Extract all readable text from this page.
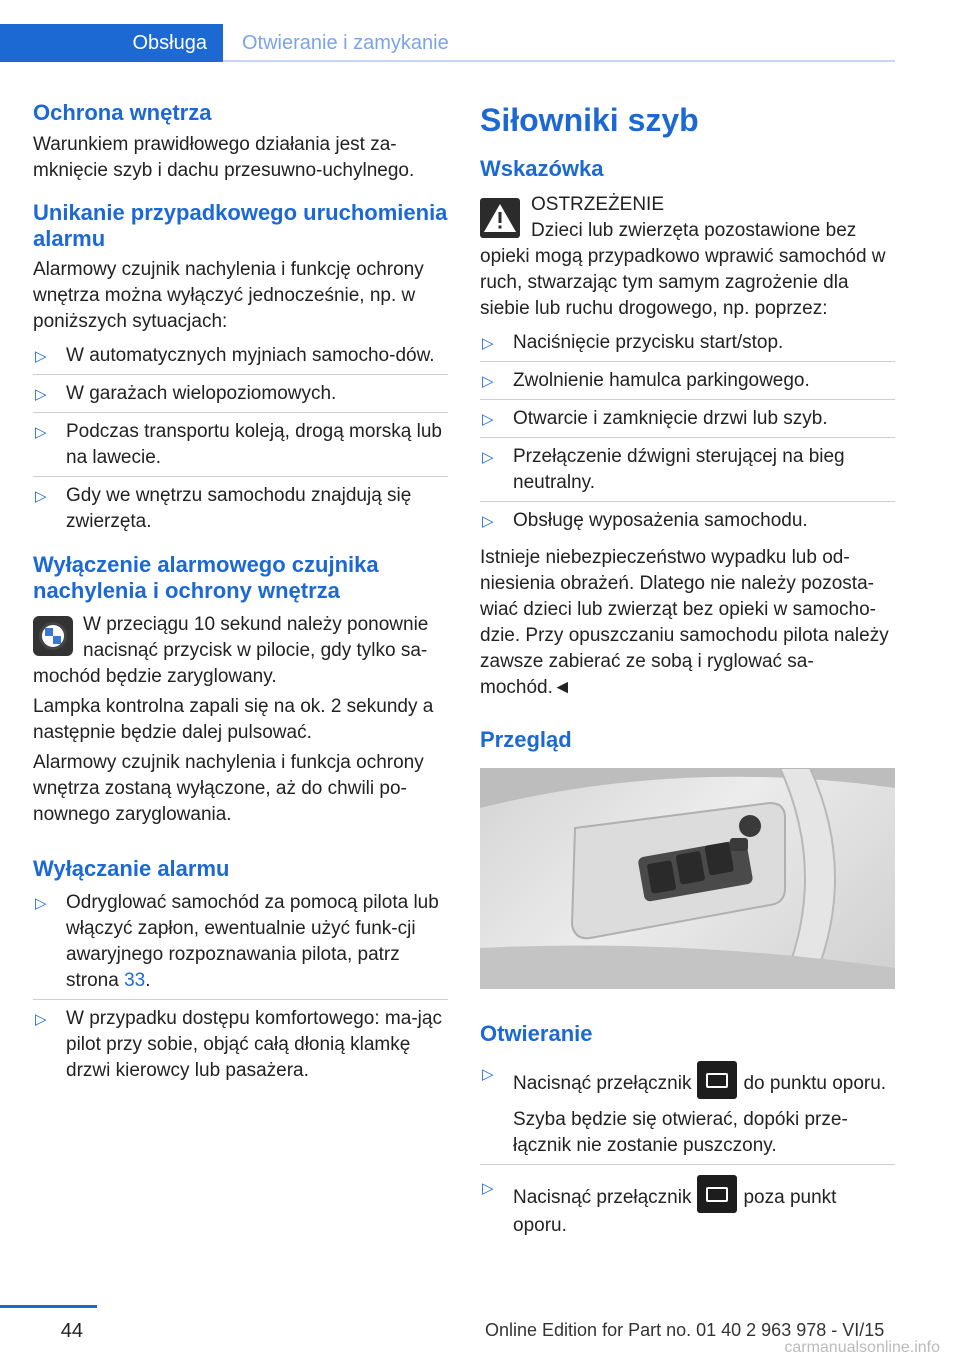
Obsługa	Otwieranie i zamykanie
Ochrona wnętrza

Warunkiem prawidłowego działania jest za-mknięcie szyb i dachu przesuwno-uchylnego.

Unikanie przypadkowego uruchomienia alarmu

Alarmowy czujnik nachylenia i funkcję ochrony wnętrza można wyłączyć jednocześnie, np. w poniższych sytuacjach:

▷ W automatycznych myjniach samocho-dów.
▷ W garażach wielopoziomowych.
▷ Podczas transportu koleją, drogą morską lub na lawecie.
▷ Gdy we wnętrzu samochodu znajdują się zwierzęta.
Wyłączenie alarmowego czujnika nachylenia i ochrony wnętrza

W przeciągu 10 sekund należy ponownie nacisnąć przycisk w pilocie, gdy tylko sa-mochód będzie zaryglowany.

Lampka kontrolna zapali się na ok. 2 sekundy a następnie będzie dalej pulsować.

Alarmowy czujnik nachylenia i funkcja ochrony wnętrza zostaną wyłączone, aż do chwili po-nownego zaryglowania.

Wyłączanie alarmu
▷ Odryglować samochód za pomocą pilota lub włączyć zapłon, ewentualnie użyć funk-cji awaryjnego rozpoznawania pilota, patrz strona 33.
▷ W przypadku dostępu komfortowego: ma-jąc pilot przy sobie, objąć całą dłonią klamkę drzwi kierowcy lub pasażera.
Siłowniki szyb
Wskazówka

OSTRZEŻENIE

Dzieci lub zwierzęta pozostawione bez opieki mogą przypadkowo wprawić samochód w ruch, stwarzając tym samym zagrożenie dla siebie lub ruchu drogowego, np. poprzez:

▷ Naciśnięcie przycisku start/stop.
▷ Zwolnienie hamulca parkingowego.
▷ Otwarcie i zamknięcie drzwi lub szyb.
▷ Przełączenie dźwigni sterującej na bieg neutralny.
▷ Obsługę wyposażenia samochodu.

Istnieje niebezpieczeństwo wypadku lub od-niesienia obrażeń. Dlatego nie należy pozosta-wiać dzieci lub zwierząt bez opieki w samocho-dzie. Przy opuszczaniu samochodu pilota należy zawsze zabierać ze sobą i ryglować sa-mochód.◄

Przegląd
Otwieranie
▷ Nacisnąć przełącznik	do punktu oporu.
Szyba będzie się otwierać, dopóki prze-łącznik nie zostanie puszczony.
▷ Nacisnąć przełącznik	poza punkt oporu.
44	Online Edition for Part no. 01 40 2 963 978 - VI/15
carmanualsonline.info
